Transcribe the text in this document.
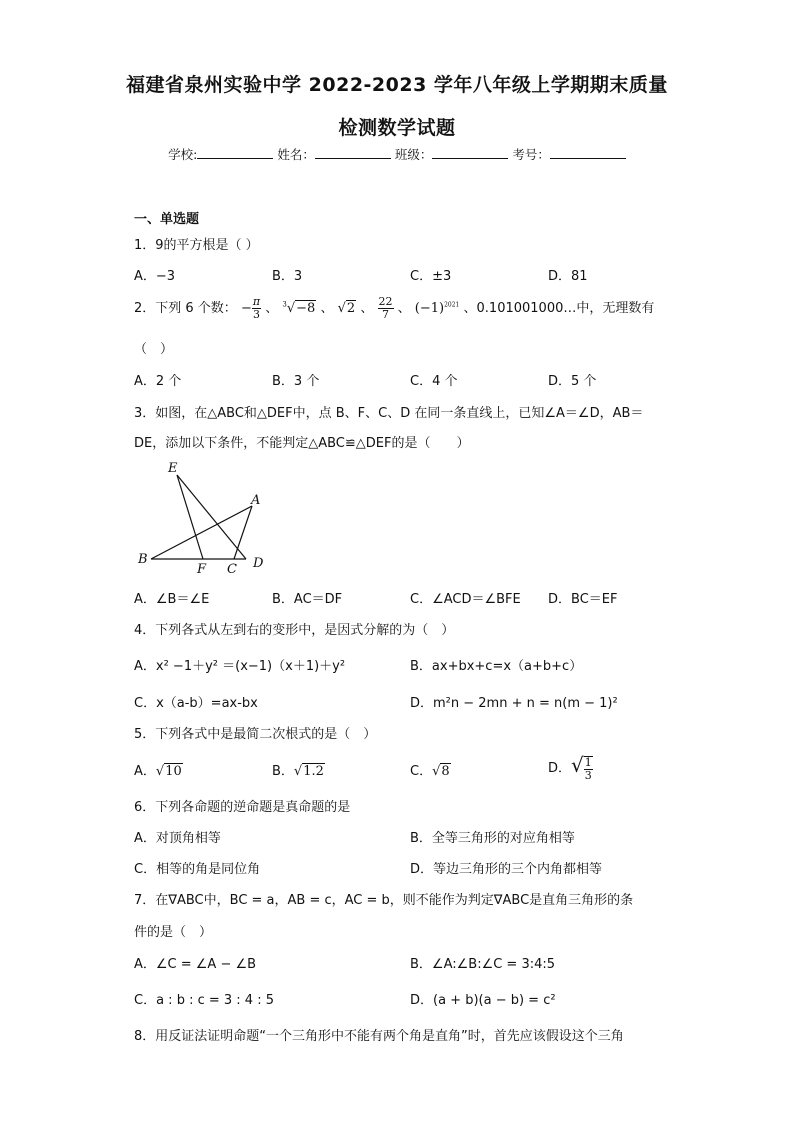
福建省泉州实验中学 2022-2023 学年八年级上学期期末质量
检测数学试题
学校:	姓名：	班级：	考号：
一、单选题
1．9的平方根是（ ）
A．−3	B．3	C．±3	D．81
2．下列 6 个数： − $\frac{\pi}{3}$ 、 $^3$√−8 、 √2 、 $\frac{22}{7}$ 、 $(-1)^{2021}$ 、0.101001000…中，无理数有
（　）
A．2 个	B．3 个	C．4 个	D．5 个
3．如图，在△ABC和△DEF中，点 B、F、C、D 在同一条直线上，已知∠A＝∠D，AB＝
DE，添加以下条件，不能判定△ABC≌△DEF的是（　　）
E
A
B
F C D
A．∠B＝∠E	B．AC＝DF	C．∠ACD＝∠BFE D．BC＝EF
4．下列各式从左到右的变形中，是因式分解的为（　）
A．x² −1＋y² ＝(x−1)（x＋1)＋y²	B．ax+bx+c=x（a+b+c）
C．x（a-b）=ax-bx	D．m²n − 2mn + n = n(m − 1)²
5．下列各式中是最简二次根式的是（　）
A．√10	B．√1.2	C．√8	D．√ $\frac{1}{3}$
6．下列各命题的逆命题是真命题的是
A．对顶角相等	B．全等三角形的对应角相等
C．相等的角是同位角	D．等边三角形的三个内角都相等
7．在∇ABC中，BC = a，AB = c，AC = b，则不能作为判定∇ABC是直角三角形的条
件的是（　）
A．∠C = ∠A − ∠B	B．∠A:∠B:∠C = 3:4:5
C．a : b : c = 3 : 4 : 5	D．(a + b)(a − b) = c²
8．用反证法证明命题“一个三角形中不能有两个角是直角”时，首先应该假设这个三角
